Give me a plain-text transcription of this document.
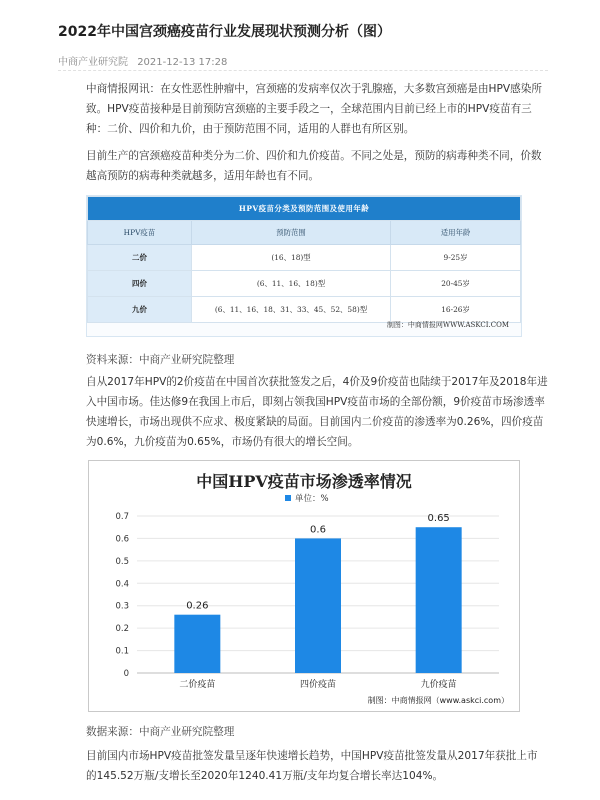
2022年中国宫颈癌疫苗行业发展现状预测分析（图）
中商产业研究院 2021-12-13 17:28

中商情报网讯：在女性恶性肿瘤中，宫颈癌的发病率仅次于乳腺癌，大多数宫颈癌是由HPV感染所致。HPV疫苗接种是目前预防宫颈癌的主要手段之一，全球范围内目前已经上市的HPV疫苗有三种：二价、四价和九价，由于预防范围不同，适用的人群也有所区别。

目前生产的宫颈癌疫苗种类分为二价、四价和九价疫苗。不同之处是，预防的病毒种类不同，价数越高预防的病毒种类就越多，适用年龄也有不同。

HPV疫苗分类及预防范围及使用年龄		
HPV疫苗	预防范围	适用年龄
二价	(16、18)型	9-25岁
四价	(6、11、16、18)型	20-45岁
九价	(6、11、16、18、31、33、45、52、58)型	16-26岁
制图：中商情报网WWW.ASKCI.COM
资料来源：中商产业研究院整理

自从2017年HPV的2价疫苗在中国首次获批签发之后，4价及9价疫苗也陆续于2017年及2018年进入中国市场。佳达修9在我国上市后，即刻占领我国HPV疫苗市场的全部份额，9价疫苗市场渗透率快速增长，市场出现供不应求、极度紧缺的局面。目前国内二价疫苗的渗透率为0.26%，四价疫苗为0.6%，九价疫苗为0.65%，市场仍有很大的增长空间。

中国HPV疫苗市场渗透率情况
单位：%
0
0.1
0.2
0.3
0.4
0.5
0.6
0.7
0.26
0.6
0.65
二价疫苗	四价疫苗	九价疫苗
制图：中商情报网（www.askci.com）
数据来源：中商产业研究院整理

目前国内市场HPV疫苗批签发量呈逐年快速增长趋势，中国HPV疫苗批签发量从2017年获批上市的145.52万瓶/支增长至2020年1240.41万瓶/支年均复合增长率达104%。
